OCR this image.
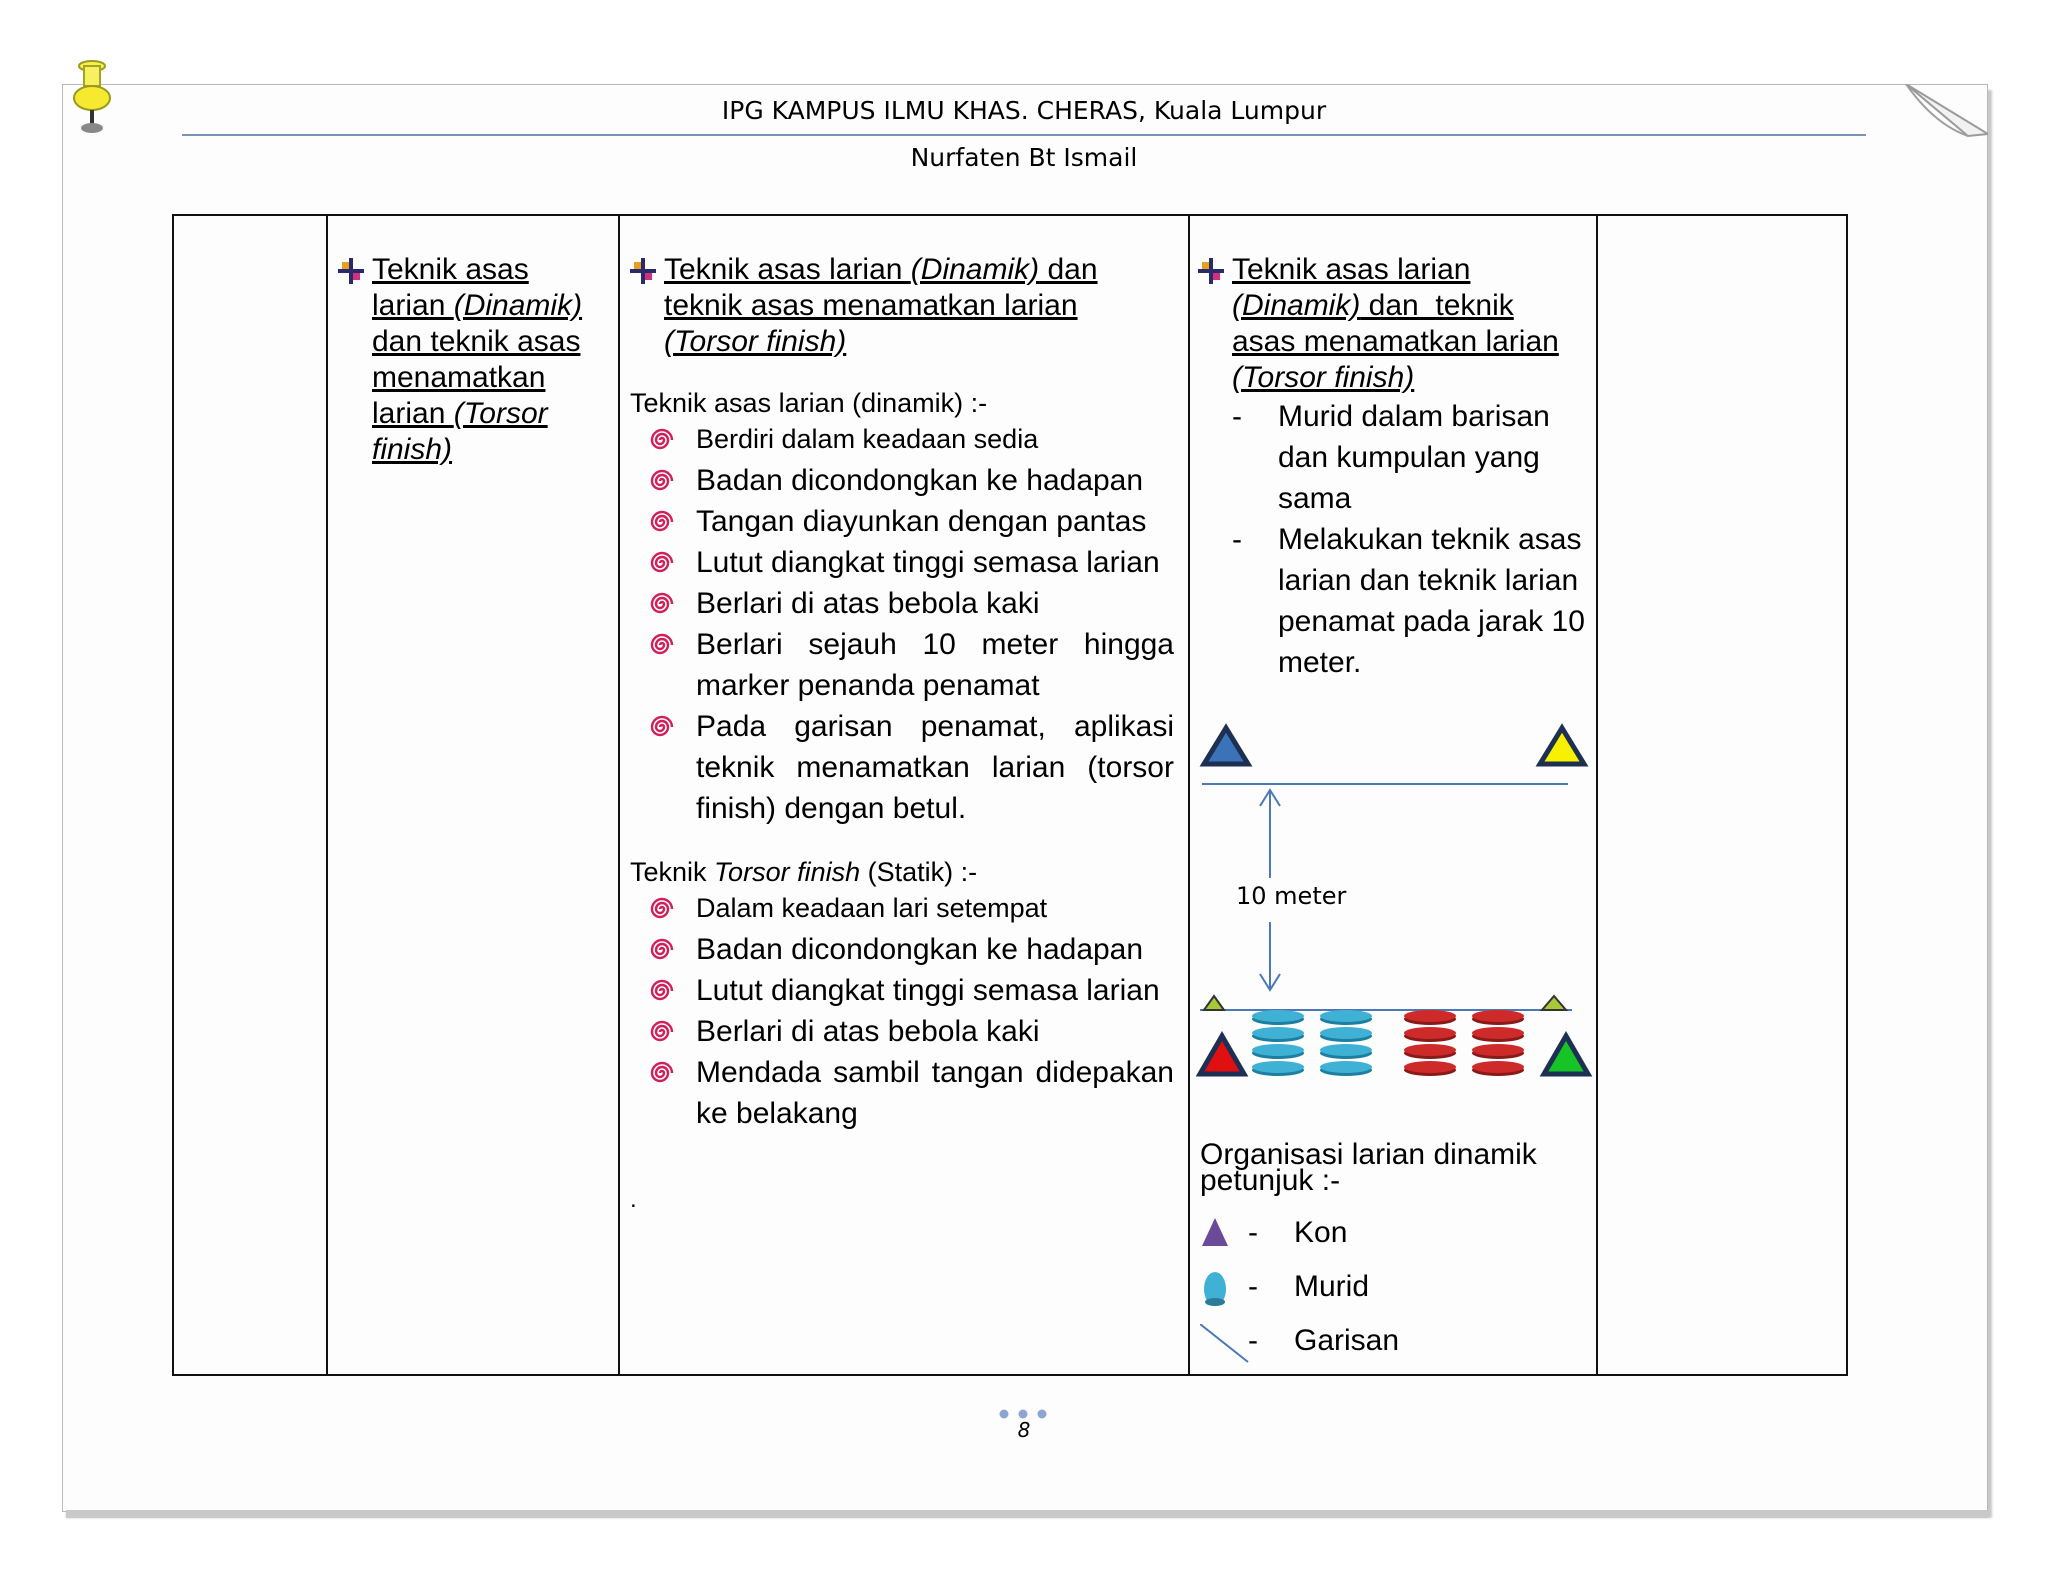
IPG KAMPUS ILMU KHAS. CHERAS, Kuala Lumpur
Nurfaten Bt Ismail
Teknik asas
larian (Dinamik)
dan teknik asas
menamatkan
larian (Torsor
finish)
Teknik asas larian (Dinamik) dan
teknik asas menamatkan larian
(Torsor finish)
Teknik asas larian (dinamik) :-
Berdiri dalam keadaan sedia
Badan dicondongkan ke hadapan
Tangan diayunkan dengan pantas
Lutut diangkat tinggi semasa larian
Berlari di atas bebola kaki
Berlari sejauh 10 meter hingga marker penanda penamat
Pada garisan penamat, aplikasi teknik menamatkan larian (torsor finish) dengan betul.
Teknik Torsor finish (Statik) :-
Dalam keadaan lari setempat
Badan dicondongkan ke hadapan
Lutut diangkat tinggi semasa larian
Berlari di atas bebola kaki
Mendada sambil tangan didepakan ke belakang
.
Teknik asas larian
(Dinamik) dan  teknik
asas menamatkan larian
(Torsor finish)
- Murid dalam barisan dan kumpulan yang sama
- Melakukan teknik asas larian dan teknik larian penamat pada jarak 10 meter.
10 meter
Organisasi larian dinamik
petunjuk :-
- Kon
- Murid
- Garisan
8
